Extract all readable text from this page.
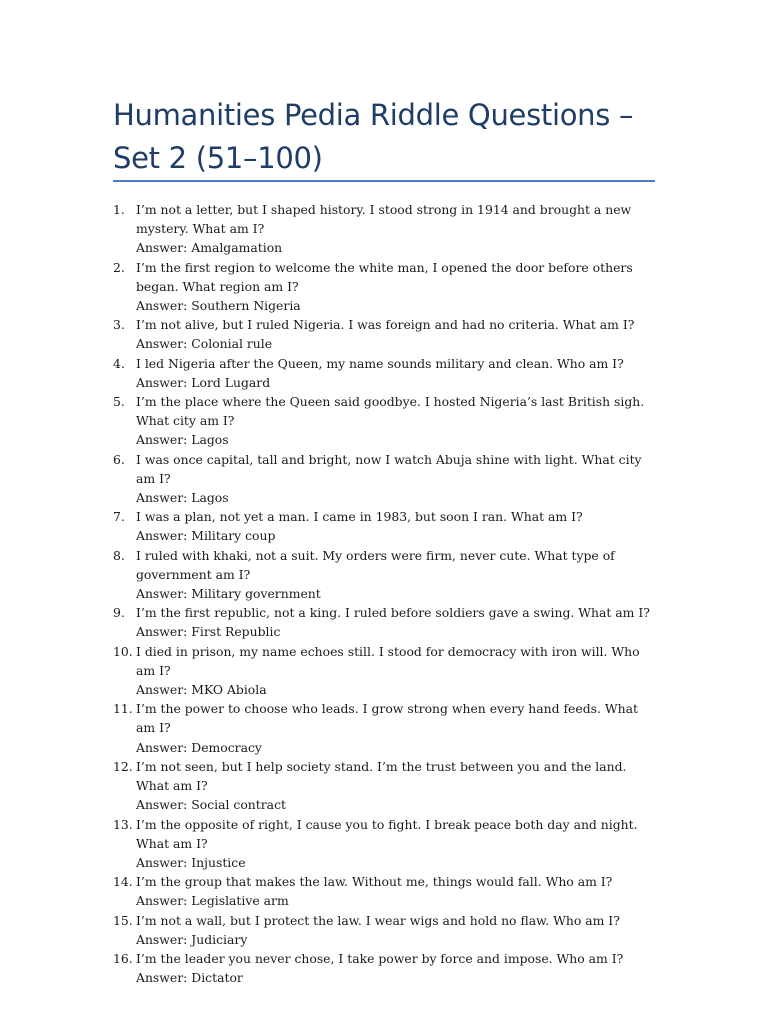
Humanities Pedia Riddle Questions – Set 2 (51–100)
1. I’m not a letter, but I shaped history. I stood strong in 1914 and brought a new mystery. What am I?
Answer: Amalgamation
2. I’m the first region to welcome the white man, I opened the door before others began. What region am I?
Answer: Southern Nigeria
3. I’m not alive, but I ruled Nigeria. I was foreign and had no criteria. What am I?
Answer: Colonial rule
4. I led Nigeria after the Queen, my name sounds military and clean. Who am I?
Answer: Lord Lugard
5. I’m the place where the Queen said goodbye. I hosted Nigeria’s last British sigh. What city am I?
Answer: Lagos
6. I was once capital, tall and bright, now I watch Abuja shine with light. What city am I?
Answer: Lagos
7. I was a plan, not yet a man. I came in 1983, but soon I ran. What am I?
Answer: Military coup
8. I ruled with khaki, not a suit. My orders were firm, never cute. What type of government am I?
Answer: Military government
9. I’m the first republic, not a king. I ruled before soldiers gave a swing. What am I?
Answer: First Republic
10. I died in prison, my name echoes still. I stood for democracy with iron will. Who am I?
Answer: MKO Abiola
11. I’m the power to choose who leads. I grow strong when every hand feeds. What am I?
Answer: Democracy
12. I’m not seen, but I help society stand. I’m the trust between you and the land. What am I?
Answer: Social contract
13. I’m the opposite of right, I cause you to fight. I break peace both day and night. What am I?
Answer: Injustice
14. I’m the group that makes the law. Without me, things would fall. Who am I?
Answer: Legislative arm
15. I’m not a wall, but I protect the law. I wear wigs and hold no flaw. Who am I?
Answer: Judiciary
16. I’m the leader you never chose, I take power by force and impose. Who am I?
Answer: Dictator
